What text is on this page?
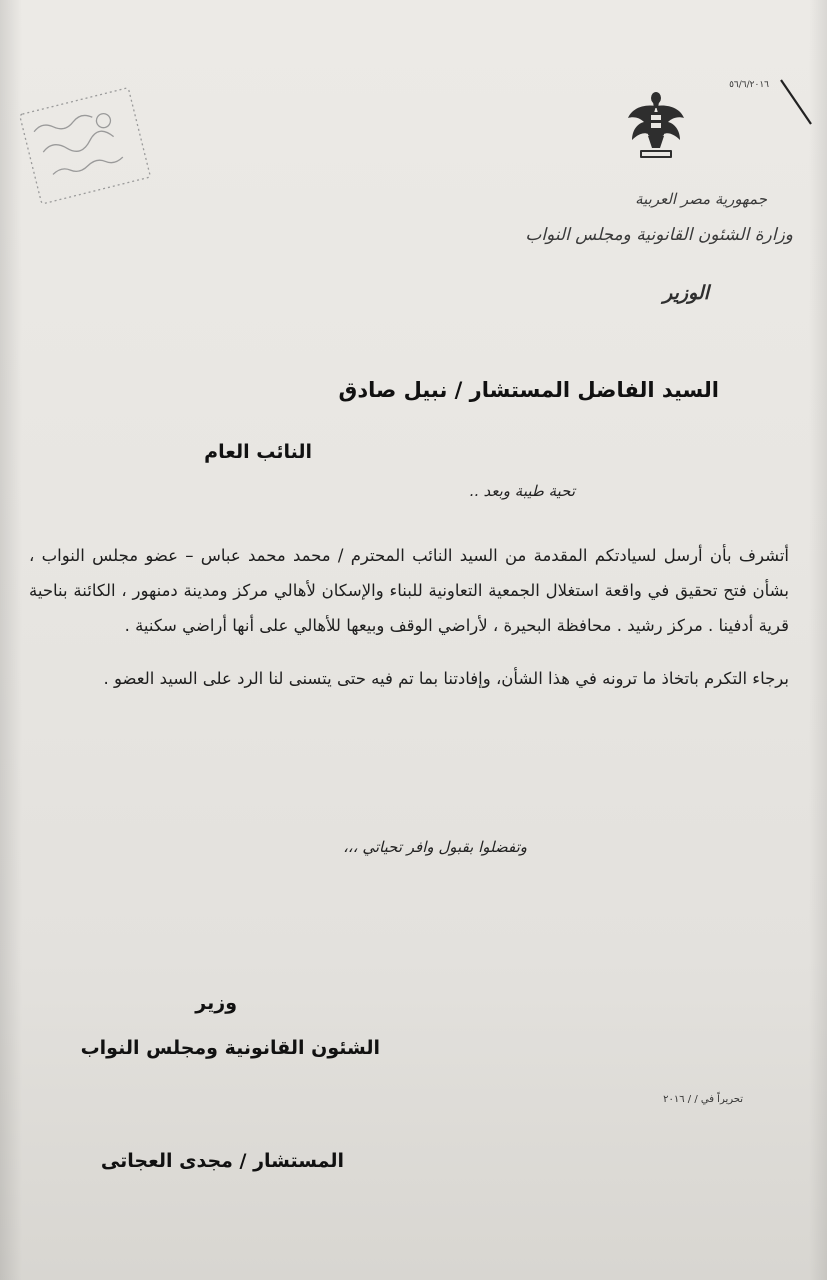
٥٦/٦/٢٠١٦
جمهورية مصر العربية
وزارة الشئون القانونية ومجلس النواب
الوزير
السيد الفاضل المستشار / نبيل صادق
النائب العام
تحية طيبة وبعد ..

أتشرف بأن أرسل لسيادتكم المقدمة من السيد النائب المحترم / محمد محمد عباس – عضو مجلس النواب ، بشأن فتح تحقيق في واقعة استغلال الجمعية التعاونية للبناء والإسكان لأهالي مركز ومدينة دمنهور ، الكائنة بناحية قرية أدفينا . مركز رشيد . محافظة البحيرة ، لأراضي الوقف وبيعها للأهالي على أنها أراضي سكنية .

برجاء التكرم باتخاذ ما ترونه في هذا الشأن، وإفادتنا بما تم فيه حتى يتسنى لنا الرد على السيد العضو .

وتفضلوا بقبول وافر تحياتي ،،،
وزير
الشئون القانونية ومجلس النواب
تحريراً في / / ٢٠١٦
المستشار / مجدى العجاتى
